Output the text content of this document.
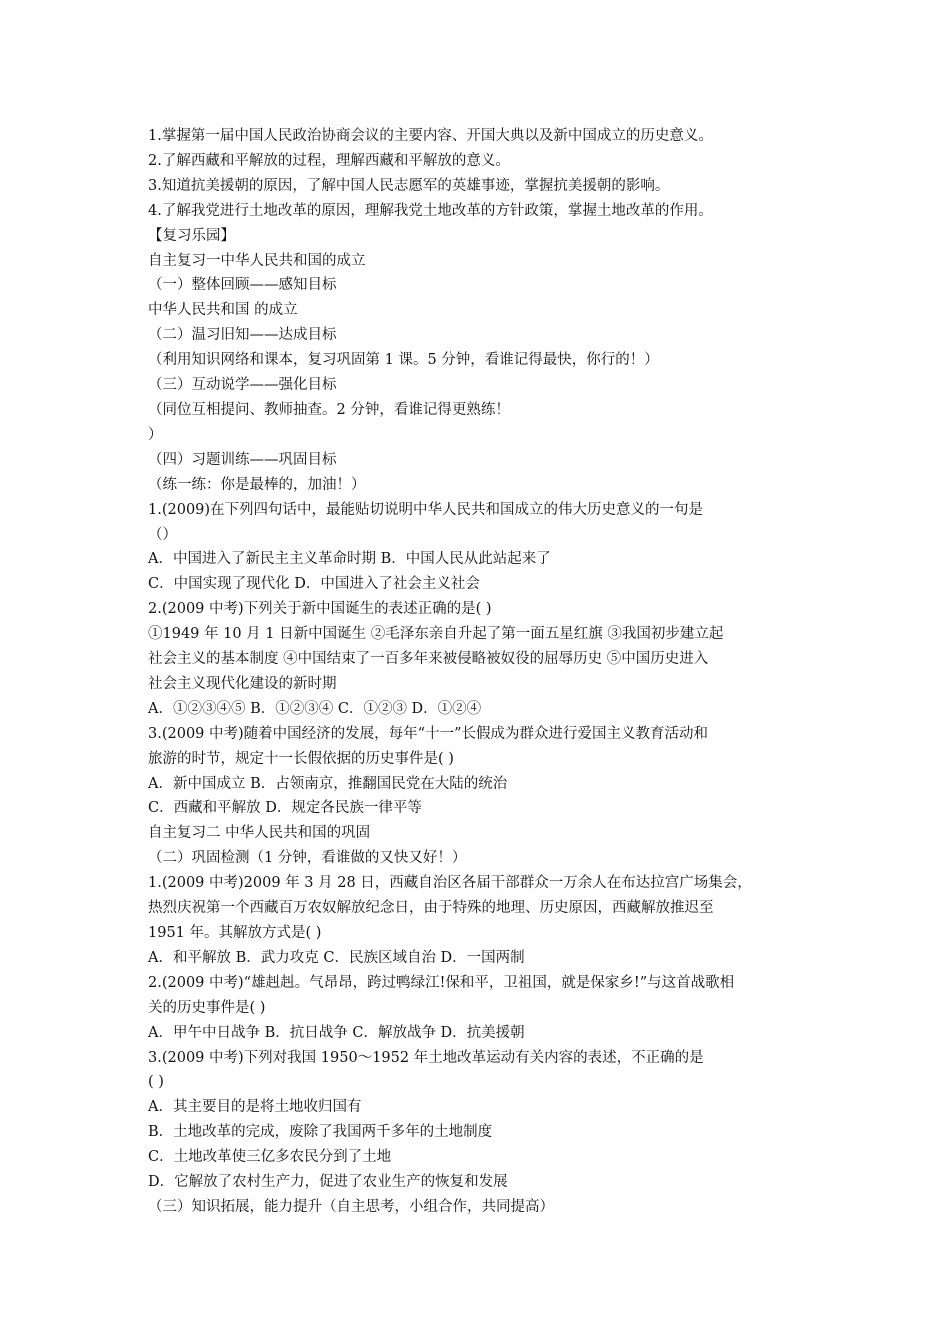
1.掌握第一届中国人民政治协商会议的主要内容、开国大典以及新中国成立的历史意义。
2.了解西藏和平解放的过程，理解西藏和平解放的意义。
3.知道抗美援朝的原因，了解中国人民志愿军的英雄事迹，掌握抗美援朝的影响。
4.了解我党进行土地改革的原因，理解我党土地改革的方针政策，掌握土地改革的作用。
【复习乐园】
自主复习一中华人民共和国的成立
（一）整体回顾——感知目标
中华人民共和国 的成立
（二）温习旧知——达成目标
（利用知识网络和课本，复习巩固第 1 课。5 分钟，看谁记得最快，你行的！）
（三）互动说学——强化目标
（同位互相提问、教师抽查。2 分钟，看谁记得更熟练！
）
（四）习题训练——巩固目标
（练一练：你是最棒的，加油！）
1.(2009)在下列四句话中，最能贴切说明中华人民共和国成立的伟大历史意义的一句是
（）
A．中国进入了新民主主义革命时期 B．中国人民从此站起来了
C．中国实现了现代化 D．中国进入了社会主义社会
2.(2009 中考)下列关于新中国诞生的表述正确的是( )
①1949 年 10 月 1 日新中国诞生 ②毛泽东亲自升起了第一面五星红旗 ③我国初步建立起
社会主义的基本制度 ④中国结束了一百多年来被侵略被奴役的屈辱历史 ⑤中国历史进入
社会主义现代化建设的新时期
A．①②③④⑤ B．①②③④ C．①②③ D．①②④
3.(2009 中考)随着中国经济的发展，每年“十一”长假成为群众进行爱国主义教育活动和
旅游的时节，规定十一长假依据的历史事件是( )
A．新中国成立 B．占领南京，推翻国民党在大陆的统治
C．西藏和平解放 D．规定各民族一律平等
自主复习二 中华人民共和国的巩固
（二）巩固检测（1 分钟，看谁做的又快又好！）
1.(2009 中考)2009 年 3 月 28 日，西藏自治区各届干部群众一万余人在布达拉宫广场集会，
热烈庆祝第一个西藏百万农奴解放纪念日，由于特殊的地理、历史原因，西藏解放推迟至
1951 年。其解放方式是( )
A．和平解放 B．武力攻克 C．民族区域自治 D．一国两制
2.(2009 中考)“雄赳赳。气昂昂，跨过鸭绿江!保和平，卫祖国，就是保家乡!”与这首战歌相
关的历史事件是( )
A．甲午中日战争 B．抗日战争 C．解放战争 D．抗美援朝
3.(2009 中考)下列对我国 1950～1952 年土地改革运动有关内容的表述，不正确的是
( )
A．其主要目的是将土地收归国有
B．土地改革的完成，废除了我国两千多年的土地制度
C．土地改革使三亿多农民分到了土地
D．它解放了农村生产力，促进了农业生产的恢复和发展
（三）知识拓展，能力提升（自主思考，小组合作，共同提高）
